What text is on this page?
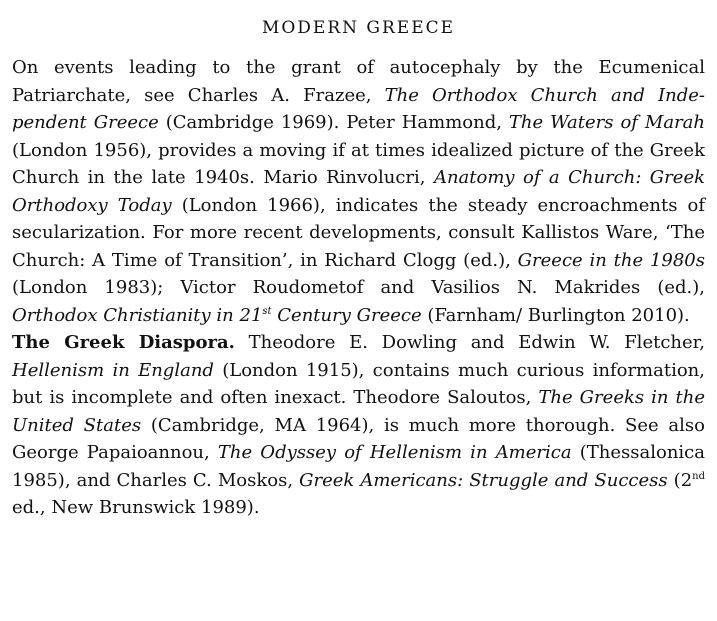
MODERN GREECE

On events leading to the grant of autocephaly by the Ecumenical Patriarchate, see Charles A. Frazee, The Orthodox Church and Independent Greece (Cambridge 1969). Peter Hammond, The Waters of Marah (London 1956), provides a moving if at times idealized picture of the Greek Church in the late 1940s. Mario Rinvolucri, Anatomy of a Church: Greek Orthodoxy Today (London 1966), indicates the steady encroachments of secularization. For more recent developments, consult Kallistos Ware, ‘The Church: A Time of Transition’, in Richard Clogg (ed.), Greece in the 1980s (London 1983); Victor Roudometof and Vasilios N. Makrides (ed.), Orthodox Christianity in 21st Century Greece (Farnham/ Burlington 2010).

The Greek Diaspora. Theodore E. Dowling and Edwin W. Fletcher, Hellenism in England (London 1915), contains much curious information, but is incomplete and often inexact. Theodore Saloutos, The Greeks in the United States (Cambridge, MA 1964), is much more thorough. See also George Papaioannou, The Odyssey of Hellenism in America (Thessalonica 1985), and Charles C. Moskos, Greek Americans: Struggle and Success (2nd ed., New Brunswick 1989).
